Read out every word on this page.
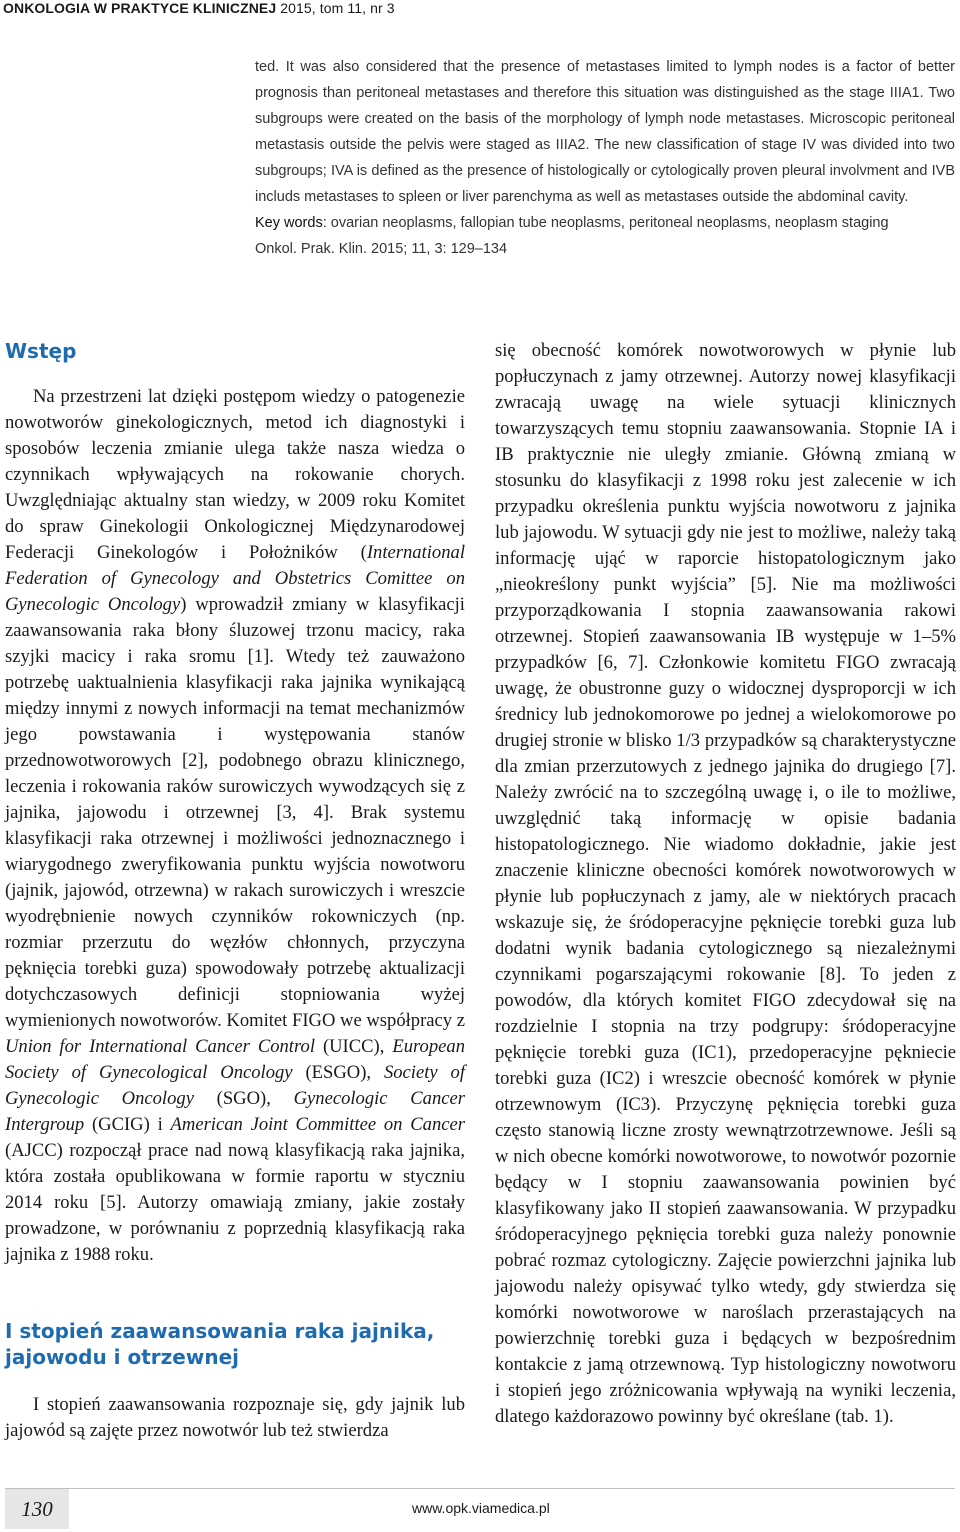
ONKOLOGIA W PRAKTYCE KLINICZNEJ 2015, tom 11, nr 3

ted. It was also considered that the presence of metastases limited to lymph nodes is a factor of better prognosis than peritoneal metastases and therefore this situation was distinguished as the stage IIIA1. Two subgroups were created on the basis of the morphology of lymph node metastases. Microscopic peritoneal metastasis outside the pelvis were staged as IIIA2. The new classification of stage IV was divided into two subgroups; IVA is defined as the presence of histologically or cytologically proven pleural involvment and IVB includs metastases to spleen or liver parenchyma as well as metastases outside the abdominal cavity.

Key words: ovarian neoplasms, fallopian tube neoplasms, peritoneal neoplasms, neoplasm staging

Onkol. Prak. Klin. 2015; 11, 3: 129–134

Wstęp

Na przestrzeni lat dzięki postępom wiedzy o patogenezie nowotworów ginekologicznych, metod ich diagnostyki i sposobów leczenia zmianie ulega także nasza wiedza o czynnikach wpływających na rokowanie chorych. Uwzględniając aktualny stan wiedzy, w 2009 roku Komitet do spraw Ginekologii Onkologicznej Międzynarodowej Federacji Ginekologów i Położników (International Federation of Gynecology and Obstetrics Comittee on Gynecologic Oncology) wprowadził zmiany w klasyfikacji zaawansowania raka błony śluzowej trzonu macicy, raka szyjki macicy i raka sromu [1]. Wtedy też zauważono potrzebę uaktualnienia klasyfikacji raka jajnika wynikającą między innymi z nowych informacji na temat mechanizmów jego powstawania i występowania stanów przednowotworowych [2], podobnego obrazu klinicznego, leczenia i rokowania raków surowiczych wywodzących się z jajnika, jajowodu i otrzewnej [3, 4]. Brak systemu klasyfikacji raka otrzewnej i możliwości jednoznacznego i wiarygodnego zweryfikowania punktu wyjścia nowotworu (jajnik, jajowód, otrzewna) w rakach surowiczych i wreszcie wyodrębnienie nowych czynników rokowniczych (np. rozmiar przerzutu do węzłów chłonnych, przyczyna pęknięcia torebki guza) spowodowały potrzebę aktualizacji dotychczasowych definicji stopniowania wyżej wymienionych nowotworów. Komitet FIGO we współpracy z Union for International Cancer Control (UICC), European Society of Gynecological Oncology (ESGO), Society of Gynecologic Oncology (SGO), Gynecologic Cancer Intergroup (GCIG) i American Joint Committee on Cancer (AJCC) rozpoczął prace nad nową klasyfikacją raka jajnika, która została opublikowana w formie raportu w styczniu 2014 roku [5]. Autorzy omawiają zmiany, jakie zostały prowadzone, w porównaniu z poprzednią klasyfikacją raka jajnika z 1988 roku.

I stopień zaawansowania raka jajnika, jajowodu i otrzewnej

I stopień zaawansowania rozpoznaje się, gdy jajnik lub jajowód są zajęte przez nowotwór lub też stwierdza

się obecność komórek nowotworowych w płynie lub popłuczynach z jamy otrzewnej. Autorzy nowej klasyfikacji zwracają uwagę na wiele sytuacji klinicznych towarzyszących temu stopniu zaawansowania. Stopnie IA i IB praktycznie nie uległy zmianie. Główną zmianą w stosunku do klasyfikacji z 1998 roku jest zalecenie w ich przypadku określenia punktu wyjścia nowotworu z jajnika lub jajowodu. W sytuacji gdy nie jest to możliwe, należy taką informację ująć w raporcie histopatologicznym jako „nieokreślony punkt wyjścia” [5]. Nie ma możliwości przyporządkowania I stopnia zaawansowania rakowi otrzewnej. Stopień zaawansowania IB występuje w 1–5% przypadków [6, 7]. Członkowie komitetu FIGO zwracają uwagę, że obustronne guzy o widocznej dysproporcji w ich średnicy lub jednokomorowe po jednej a wielokomorowe po drugiej stronie w blisko 1/3 przypadków są charakterystyczne dla zmian przerzutowych z jednego jajnika do drugiego [7]. Należy zwrócić na to szczególną uwagę i, o ile to możliwe, uwzględnić taką informację w opisie badania histopatologicznego. Nie wiadomo dokładnie, jakie jest znaczenie kliniczne obecności komórek nowotworowych w płynie lub popłuczynach z jamy, ale w niektórych pracach wskazuje się, że śródoperacyjne pęknięcie torebki guza lub dodatni wynik badania cytologicznego są niezależnymi czynnikami pogarszającymi rokowanie [8]. To jeden z powodów, dla których komitet FIGO zdecydował się na rozdzielnie I stopnia na trzy podgrupy: śródoperacyjne pęknięcie torebki guza (IC1), przedoperacyjne pękniecie torebki guza (IC2) i wreszcie obecność komórek w płynie otrzewnowym (IC3). Przyczynę pęknięcia torebki guza często stanowią liczne zrosty wewnątrzotrzewnowe. Jeśli są w nich obecne komórki nowotworowe, to nowotwór pozornie będący w I stopniu zaawansowania powinien być klasyfikowany jako II stopień zaawansowania. W przypadku śródoperacyjnego pęknięcia torebki guza należy ponownie pobrać rozmaz cytologiczny. Zajęcie powierzchni jajnika lub jajowodu należy opisywać tylko wtedy, gdy stwierdza się komórki nowotworowe w naroślach przerastających na powierzchnię torebki guza i będących w bezpośrednim kontakcie z jamą otrzewnową. Typ histologiczny nowotworu i stopień jego zróżnicowania wpływają na wyniki leczenia, dlatego każdorazowo powinny być określane (tab. 1).

130	www.opk.viamedica.pl
